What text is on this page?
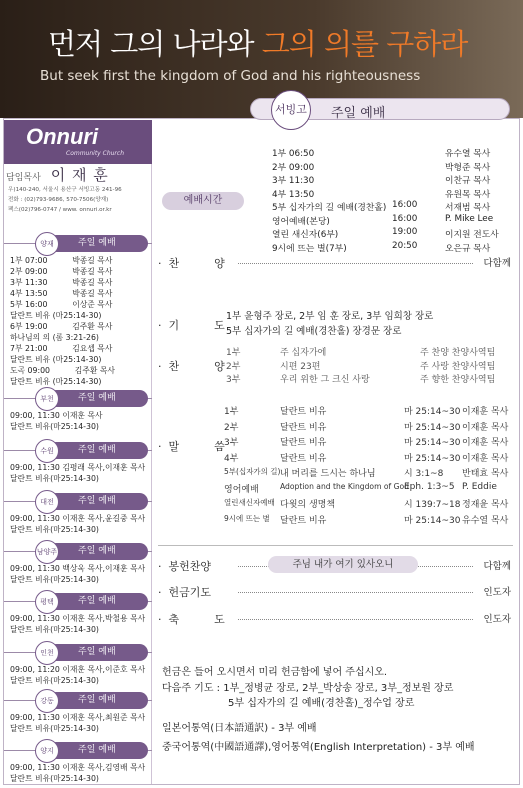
먼저 그의 나라와 그의 의를 구하라
But seek first the kingdom of God and his righteousness
Onnuri
Community Church
담임목사 이 재 훈
우)140-240, 서울시 용산구 서빙고동 241-96
전화 : (02)793-9686, 570-7506(양재)
팩스(02)796-0747 / www. onnuri.or.kr
주일 예배
양재
1부 07:00          박종길 목사
2부 09:00          박종길 목사
3부 11:30          박종길 목사
4부 13:50          박종길 목사
5부 16:00          이상준 목사
달란트 비유 (마25:14-30)
6부 19:00          김주환 목사
하나님의 의 (롬 3:21-26)
7부 21:00          김요셉 목사
달란트 비유 (마25:14-30)
도곡 09:00          김주환 목사
달란트 비유 (마25:14-30)
주일 예배
부천
09:00, 11:30 이재훈 목사
달란트 비유(마25:14-30)
주일 예배
수원
09:00, 11:30 김평래 목사,이재훈 목사
달란트 비유(마25:14-30)
주일 예배
대전
09:00, 11:30 이재훈 목사,윤길중 목사
달란트 비유(마25:14-30)
주일 예배
남양주
09:00, 11:30 백상욱 목사,이재훈 목사
달란트 비유(마25:14-30)
주일 예배
평택
09:00, 11:30 이재훈 목사,박철용 목사
달란트 비유(마25:14-30)
주일 예배
인천
09:00, 11:20 이재훈 목사,이준호 목사
달란트 비유(마25:14-30)
주일 예배
강동
09:00, 11:30 이재훈 목사,최원준 목사
달란트 비유(마25:14-30)
주일 예배
양지
09:00, 11:30 이재훈 목사,김영배 목사
달란트 비유(마25:14-30)
서빙고	주일 예배
예배시간
1부 06:50	유수열 목사
2부 09:00	박형준 목사
3부 11:30	이찬규 목사
4부 13:50	유원목 목사
5부 십자가의 길 예배(경찬홀) 16:00	서재범 목사
영어예배(본당)	16:00	P. Mike Lee
열린 새신자(6부)	19:00	이지원 전도사
9시에 뜨는 별(7부)	20:50	오은규 목사
·  찬          양	다함께
·  기          도
1부 윤형주 장로, 2부 임 훈 장로, 3부 임희창 장로
5부 십자가의 길 예배(경찬홀) 장경문 장로
·  찬          양
1부	주 십자가에	주 찬양 찬양사역팀
2부	시편 23편	주 사랑 찬양사역팀
3부	우리 위한 그 크신 사랑	주 향한 찬양사역팀
·  말          씀
1부	달란트 비유	마 25:14~30 이재훈 목사
2부	달란트 비유	마 25:14~30 이재훈 목사
3부	달란트 비유	마 25:14~30 이재훈 목사
4부	달란트 비유	마 25:14~30 이재훈 목사
5부(십자가의 길) 내 머리를 드시는 하나님	시 3:1~8 반태효 목사
영어예배	Adoption and the Kingdom of God
Eph. 1:3~5 P. Eddie
열린새신자예배 다윗의 생명책	시 139:7~18 정재윤 목사
9시에 뜨는 별 달란트 비유	마 25:14~30 유수열 목사
·  봉헌찬양	다함께
주님 내가 여기 있사오니
·  헌금기도	인도자
·  축          도	인도자
헌금은 들어 오시면서 미리 헌금함에 넣어 주십시오.
다음주 기도 : 1부_정병균 장로, 2부_박상송 장로, 3부_정보원 장로
5부 십자가의 길 예배(경찬홀)_정수업 장로
일본어통역(日本語通訳) - 3부 예배
중국어통역(中國語通譯),영어통역(English Interpretation) - 3부 예배
